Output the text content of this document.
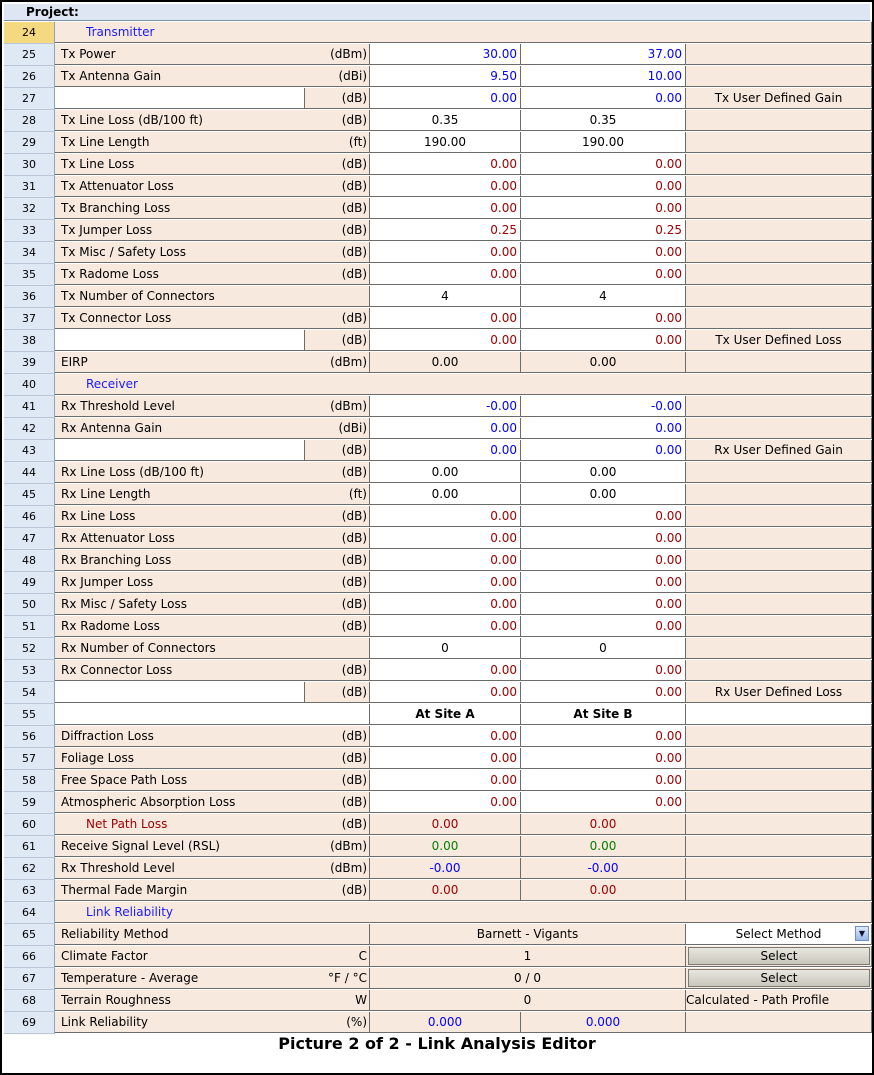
Project:
24	Transmitter
25	Tx Power	(dBm)	30.00	37.00
26	Tx Antenna Gain	(dBi)	9.50	10.00
27	(dB)	0.00	0.00	Tx User Defined Gain
28	Tx Line Loss (dB/100 ft)	(dB)	0.35	0.35
29	Tx Line Length	(ft)	190.00	190.00
30	Tx Line Loss	(dB)	0.00	0.00
31	Tx Attenuator Loss	(dB)	0.00	0.00
32	Tx Branching Loss	(dB)	0.00	0.00
33	Tx Jumper Loss	(dB)	0.25	0.25
34	Tx Misc / Safety Loss	(dB)	0.00	0.00
35	Tx Radome Loss	(dB)	0.00	0.00
36	Tx Number of Connectors	4	4
37	Tx Connector Loss	(dB)	0.00	0.00
38	(dB)	0.00	0.00	Tx User Defined Loss
39	EIRP	(dBm)	0.00	0.00
40	Receiver
41	Rx Threshold Level	(dBm)	-0.00	-0.00
42	Rx Antenna Gain	(dBi)	0.00	0.00
43	(dB)	0.00	0.00	Rx User Defined Gain
44	Rx Line Loss (dB/100 ft)	(dB)	0.00	0.00
45	Rx Line Length	(ft)	0.00	0.00
46	Rx Line Loss	(dB)	0.00	0.00
47	Rx Attenuator Loss	(dB)	0.00	0.00
48	Rx Branching Loss	(dB)	0.00	0.00
49	Rx Jumper Loss	(dB)	0.00	0.00
50	Rx Misc / Safety Loss	(dB)	0.00	0.00
51	Rx Radome Loss	(dB)	0.00	0.00
52	Rx Number of Connectors	0	0
53	Rx Connector Loss	(dB)	0.00	0.00
54	(dB)	0.00	0.00	Rx User Defined Loss
55	At Site A	At Site B
56	Diffraction Loss	(dB)	0.00	0.00
57	Foliage Loss	(dB)	0.00	0.00
58	Free Space Path Loss	(dB)	0.00	0.00
59	Atmospheric Absorption Loss	(dB)	0.00	0.00
60	Net Path Loss	(dB)	0.00	0.00
61	Receive Signal Level (RSL)	(dBm)	0.00	0.00
62	Rx Threshold Level	(dBm)	-0.00	-0.00
63	Thermal Fade Margin	(dB)	0.00	0.00
64	Link Reliability
65	Reliability Method	Barnett - Vigants	Select Method	▼
66	Climate Factor	C	1	Select
67	Temperature - Average	°F / °C	0 / 0	Select
68	Terrain Roughness	W	0	Calculated - Path Profile
69	Link Reliability	(%)	0.000	0.000
Picture 2 of 2 - Link Analysis Editor
